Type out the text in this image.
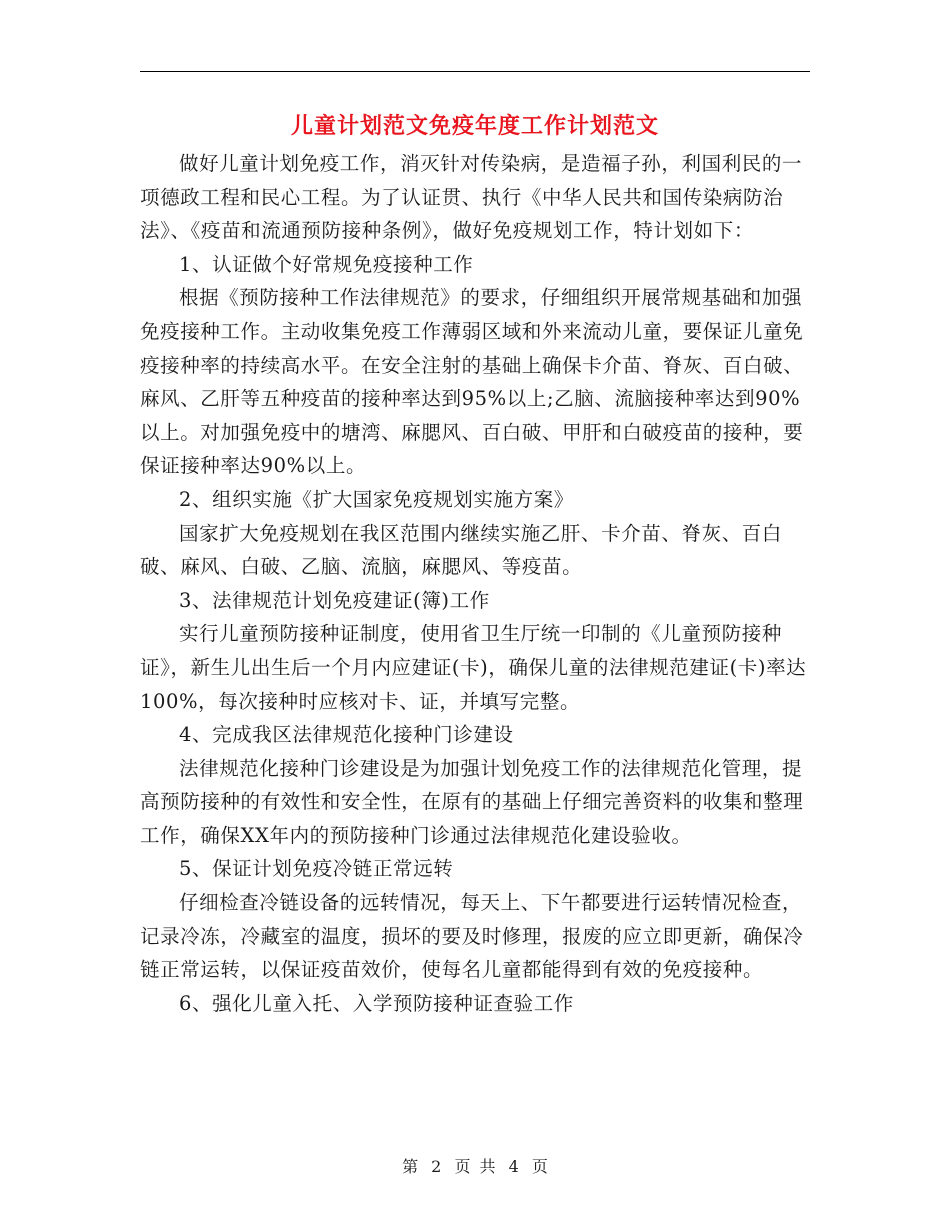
儿童计划范文免疫年度工作计划范文

做好儿童计划免疫工作，消灭针对传染病，是造福子孙，利国利民的一项德政工程和民心工程。为了认证贯、执行《中华人民共和国传染病防治法》、《疫苗和流通预防接种条例》，做好免疫规划工作，特计划如下：

1、认证做个好常规免疫接种工作

根据《预防接种工作法律规范》的要求，仔细组织开展常规基础和加强免疫接种工作。主动收集免疫工作薄弱区域和外来流动儿童，要保证儿童免疫接种率的持续高水平。在安全注射的基础上确保卡介苗、脊灰、百白破、麻风、乙肝等五种疫苗的接种率达到95%以上;乙脑、流脑接种率达到90%以上。对加强免疫中的塘湾、麻腮风、百白破、甲肝和白破疫苗的接种，要保证接种率达90%以上。

2、组织实施《扩大国家免疫规划实施方案》

国家扩大免疫规划在我区范围内继续实施乙肝、卡介苗、脊灰、百白破、麻风、白破、乙脑、流脑，麻腮风、等疫苗。

3、法律规范计划免疫建证(簿)工作

实行儿童预防接种证制度，使用省卫生厅统一印制的《儿童预防接种证》，新生儿出生后一个月内应建证(卡)，确保儿童的法律规范建证(卡)率达100%，每次接种时应核对卡、证，并填写完整。

4、完成我区法律规范化接种门诊建设

法律规范化接种门诊建设是为加强计划免疫工作的法律规范化管理，提高预防接种的有效性和安全性，在原有的基础上仔细完善资料的收集和整理工作，确保XX年内的预防接种门诊通过法律规范化建设验收。

5、保证计划免疫冷链正常远转

仔细检查冷链设备的远转情况，每天上、下午都要进行运转情况检查，记录冷冻，冷藏室的温度，损坏的要及时修理，报废的应立即更新，确保冷链正常运转，以保证疫苗效价，使每名儿童都能得到有效的免疫接种。

6、强化儿童入托、入学预防接种证查验工作

第 2 页 共 4 页
